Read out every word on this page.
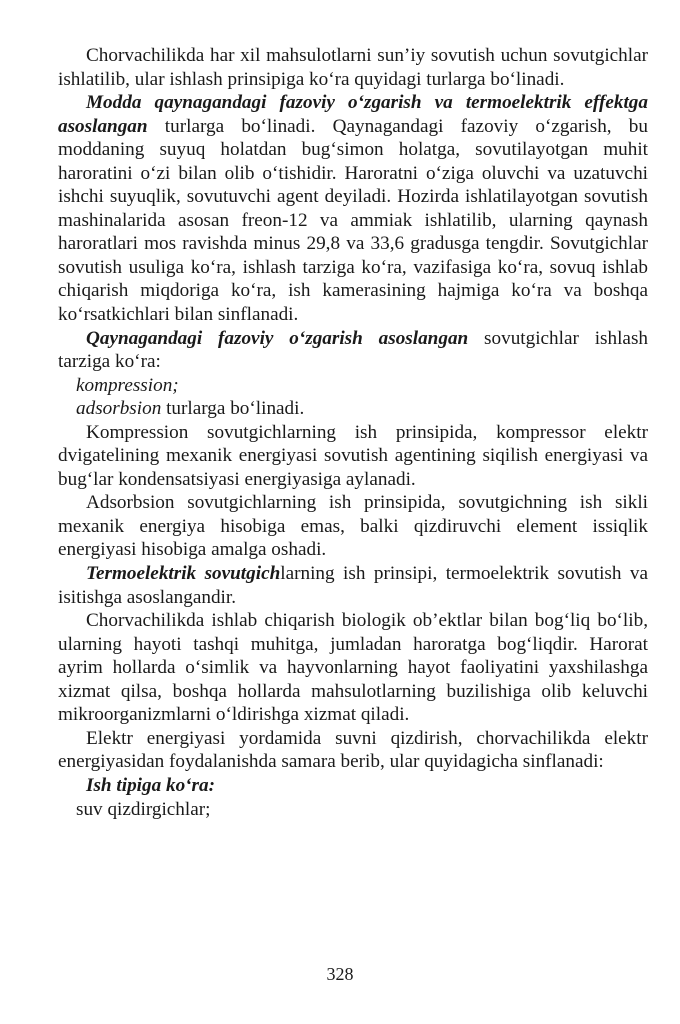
Chorvachilikda har xil mahsulotlarni sun’iy sovutish uchun sovutgichlar ishlatilib, ular ishlash prinsipiga ko‘ra quyidagi turlarga bo‘linadi.

Modda qaynagandagi fazoviy o‘zgarish va termoelektrik effektga asoslangan turlarga bo‘linadi. Qaynagandagi fazoviy o‘zgarish, bu moddaning suyuq holatdan bug‘simon holatga, sovutilayotgan muhit haroratini o‘zi bilan olib o‘tishidir. Haroratni o‘ziga oluvchi va uzatuvchi ishchi suyuqlik, sovutuvchi agent deyiladi. Hozirda ishlatilayotgan sovutish mashinalarida asosan freon-12 va ammiak ishlatilib, ularning qaynash haroratlari mos ravishda minus 29,8 va 33,6 gradusga tengdir. Sovutgichlar sovutish usuliga ko‘ra, ishlash tarziga ko‘ra, vazifasiga ko‘ra, sovuq ishlab chiqarish miqdoriga ko‘ra, ish kamerasining hajmiga ko‘ra va boshqa ko‘rsatkichlari bilan sinflanadi.

Qaynagandagi fazoviy o‘zgarish asoslangan sovutgichlar ishlash tarziga ko‘ra:

kompression;

adsorbsion turlarga bo‘linadi.

Kompression sovutgichlarning ish prinsipida, kompressor elektr dvigatelining mexanik energiyasi sovutish agentining siqilish energiyasi va bug‘lar kondensatsiyasi energiyasiga aylanadi.

Adsorbsion sovutgichlarning ish prinsipida, sovutgichning ish sikli mexanik energiya hisobiga emas, balki qizdiruvchi element issiqlik energiyasi hisobiga amalga oshadi.

Termoelektrik sovutgichlarning ish prinsipi, termoelektrik sovutish va isitishga asoslangandir.

Chorvachilikda ishlab chiqarish biologik ob’ektlar bilan bog‘liq bo‘lib, ularning hayoti tashqi muhitga, jumladan haroratga bog‘liqdir. Harorat ayrim hollarda o‘simlik va hayvonlarning hayot faoliyatini yaxshilashga xizmat qilsa, boshqa hollarda mahsulotlarning buzilishiga olib keluvchi mikroorganizmlarni o‘ldirishga xizmat qiladi.

Elektr energiyasi yordamida suvni qizdirish, chorvachilikda elektr energiyasidan foydalanishda samara berib, ular quyidagicha sinflanadi:

Ish tipiga ko‘ra:

suv qizdirgichlar;

328
